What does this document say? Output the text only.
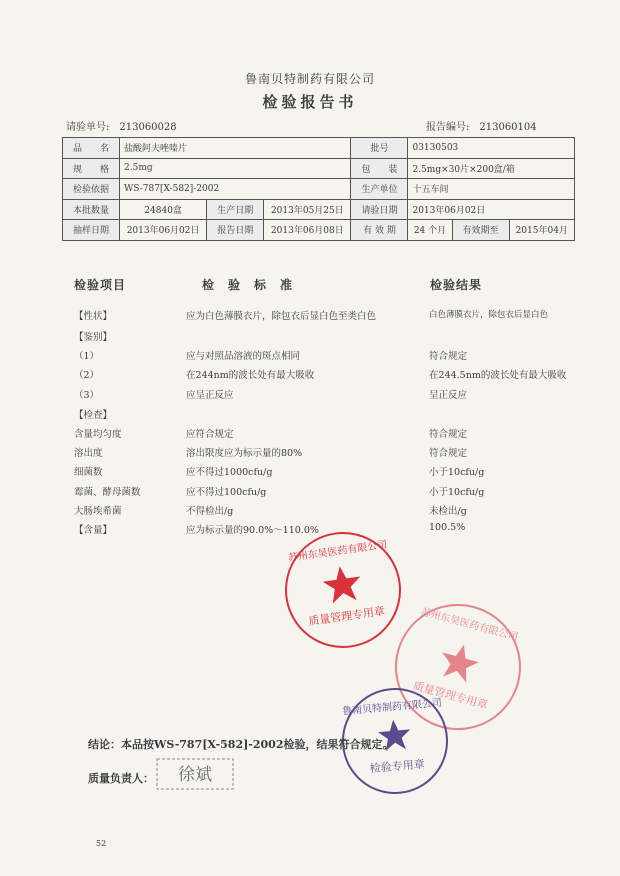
鲁南贝特制药有限公司
检验报告书
请验单号: 213060028	报告编号: 213060104
品　　名	盐酸阿夫唑嗪片			批号	03130503		
规　　格	2.5mg			包　　装	2.5mg×30片×200盒/箱		
检验依据	WS-787[X-582]-2002			生产单位	十五车间		
本批数量	24840盒	生产日期	2013年05月25日	请验日期	2013年06月02日		
抽样日期	2013年06月02日	报告日期	2013年06月08日	有 效 期	24 个月	有效期至	2015年04月
检验项目	检　验　标　准	检验结果
【性状】	应为白色薄膜衣片，除包衣后显白色至类白色	白色薄膜衣片，除包衣后显白色
【鉴别】
（1）	应与对照品溶液的斑点相同	符合规定
（2）	在244nm的波长处有最大吸收	在244.5nm的波长处有最大吸收
（3）	应呈正反应	呈正反应
【检查】
含量均匀度	应符合规定	符合规定
溶出度	溶出限度应为标示量的80%	符合规定
细菌数	应不得过1000cfu/g	小于10cfu/g
霉菌、酵母菌数	应不得过100cfu/g	小于10cfu/g
大肠埃希菌	不得检出/g	未检出/g
【含量】	应为标示量的90.0%～110.0%	100.5%
苏州东昊医药有限公司
质量管理专用章	苏州东昊医药有限公司
质量管理专用章
鲁南贝特制药有限公司
检验专用章
结论：本品按WS-787[X-582]-2002检验，结果符合规定。
质量负责人： 徐斌
52
